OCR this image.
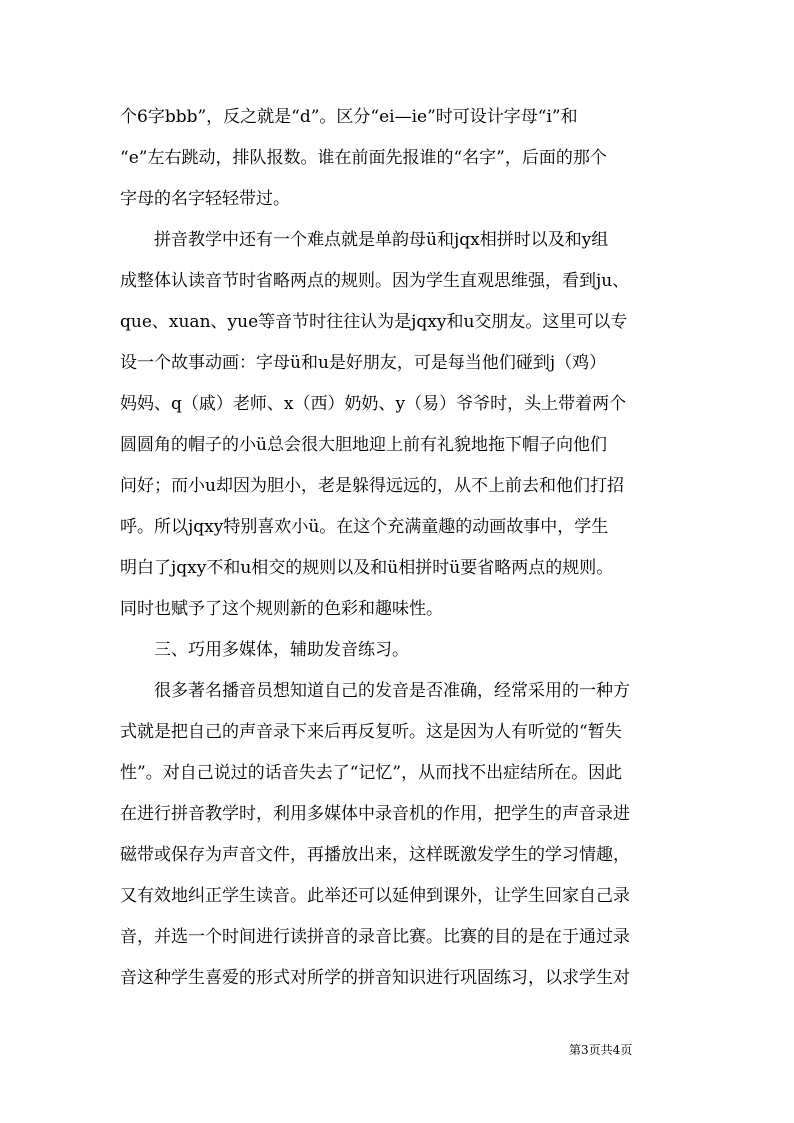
个6字bbb”，反之就是“d”。区分“ei—ie”时可设计字母“i”和
“e”左右跳动，排队报数。谁在前面先报谁的“名字”，后面的那个
字母的名字轻轻带过。
拼音教学中还有一个难点就是单韵母ü和jqx相拼时以及和y组
成整体认读音节时省略两点的规则。因为学生直观思维强，看到ju、
que、xuan、yue等音节时往往认为是jqxy和u交朋友。这里可以专
设一个故事动画：字母ü和u是好朋友，可是每当他们碰到j（鸡）
妈妈、q（戚）老师、x（西）奶奶、y（易）爷爷时，头上带着两个
圆圆角的帽子的小ü总会很大胆地迎上前有礼貌地拖下帽子向他们
问好；而小u却因为胆小，老是躲得远远的，从不上前去和他们打招
呼。所以jqxy特别喜欢小ü。在这个充满童趣的动画故事中，学生
明白了jqxy不和u相交的规则以及和ü相拼时ü要省略两点的规则。
同时也赋予了这个规则新的色彩和趣味性。
三、巧用多媒体，辅助发音练习。
很多著名播音员想知道自己的发音是否准确，经常采用的一种方
式就是把自己的声音录下来后再反复听。这是因为人有听觉的“暂失
性”。对自己说过的话音失去了“记忆”，从而找不出症结所在。因此
在进行拼音教学时，利用多媒体中录音机的作用，把学生的声音录进
磁带或保存为声音文件，再播放出来，这样既激发学生的学习情趣，
又有效地纠正学生读音。此举还可以延伸到课外，让学生回家自己录
音，并选一个时间进行读拼音的录音比赛。比赛的目的是在于通过录
音这种学生喜爱的形式对所学的拼音知识进行巩固练习，以求学生对
第3页共4页
